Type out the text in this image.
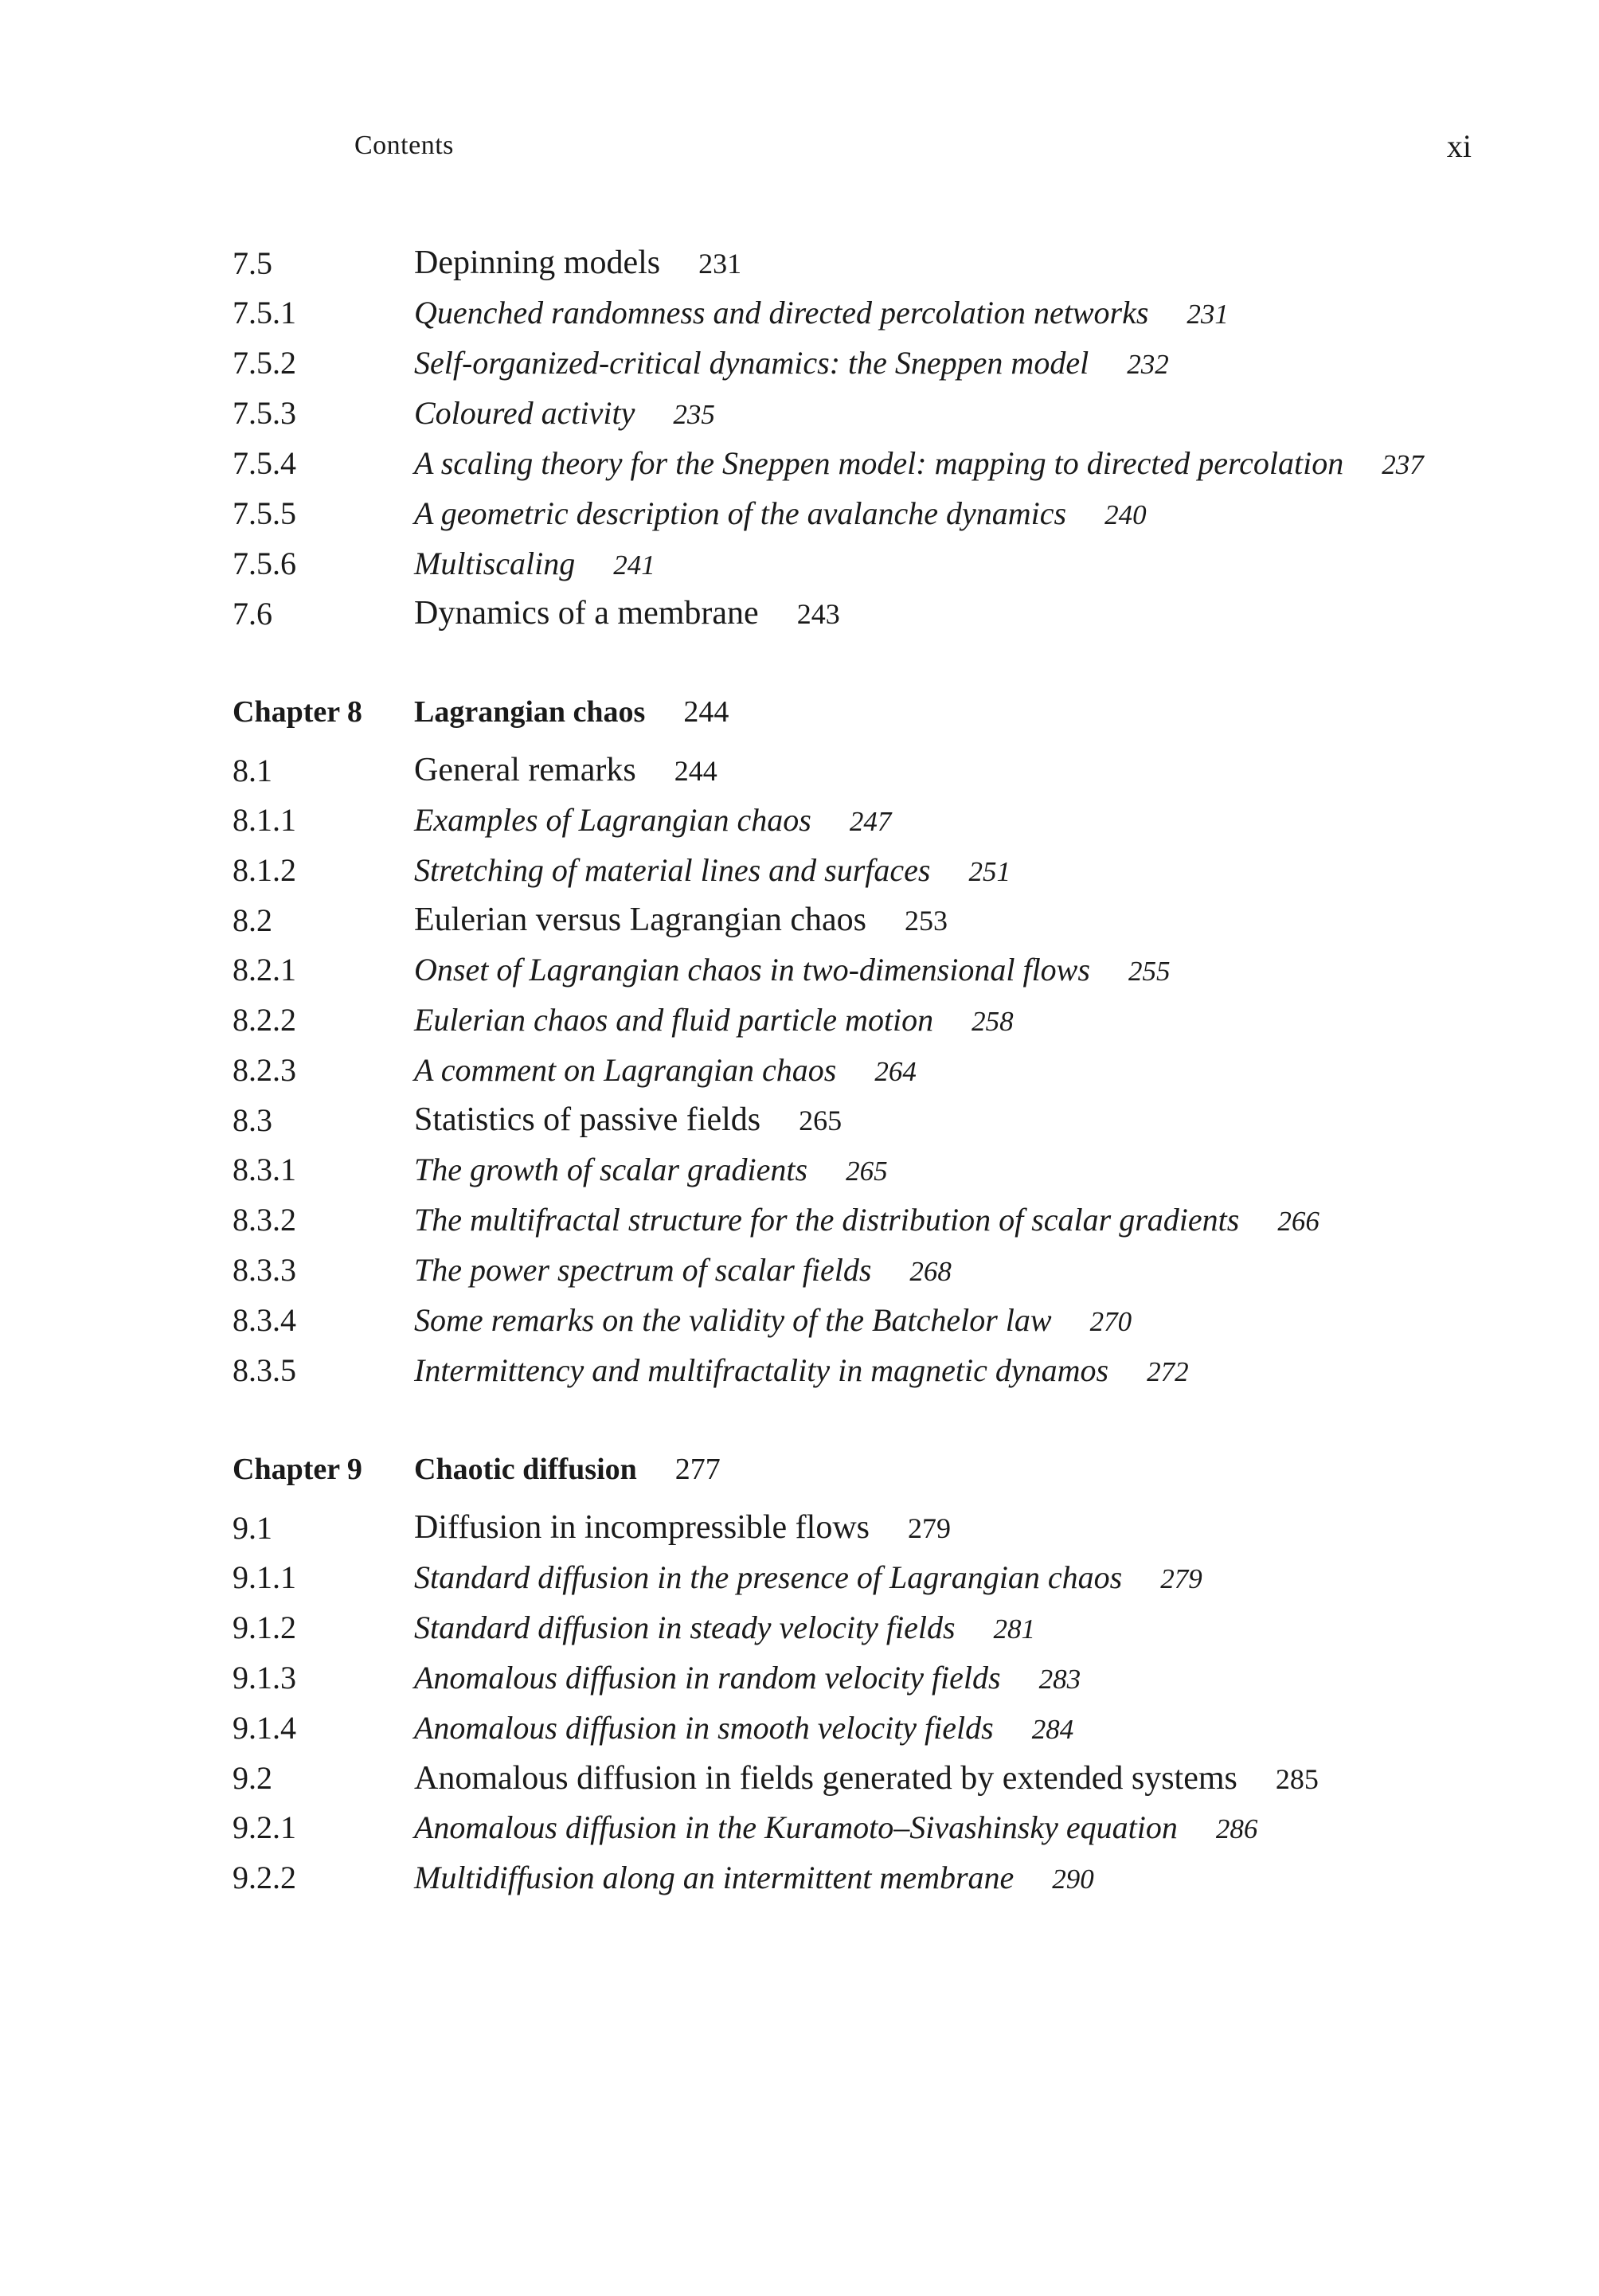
Contents	xi
7.5	Depinning models 231
7.5.1	Quenched randomness and directed percolation networks 231
7.5.2	Self-organized-critical dynamics: the Sneppen model 232
7.5.3	Coloured activity 235
7.5.4	A scaling theory for the Sneppen model: mapping to directed percolation 237
7.5.5	A geometric description of the avalanche dynamics 240
7.5.6	Multiscaling 241
7.6	Dynamics of a membrane 243
Chapter 8	Lagrangian chaos 244
8.1	General remarks 244
8.1.1	Examples of Lagrangian chaos 247
8.1.2	Stretching of material lines and surfaces 251
8.2	Eulerian versus Lagrangian chaos 253
8.2.1	Onset of Lagrangian chaos in two-dimensional flows 255
8.2.2	Eulerian chaos and fluid particle motion 258
8.2.3	A comment on Lagrangian chaos 264
8.3	Statistics of passive fields 265
8.3.1	The growth of scalar gradients 265
8.3.2	The multifractal structure for the distribution of scalar gradients 266
8.3.3	The power spectrum of scalar fields 268
8.3.4	Some remarks on the validity of the Batchelor law 270
8.3.5	Intermittency and multifractality in magnetic dynamos 272
Chapter 9	Chaotic diffusion 277
9.1	Diffusion in incompressible flows 279
9.1.1	Standard diffusion in the presence of Lagrangian chaos 279
9.1.2	Standard diffusion in steady velocity fields 281
9.1.3	Anomalous diffusion in random velocity fields 283
9.1.4	Anomalous diffusion in smooth velocity fields 284
9.2	Anomalous diffusion in fields generated by extended systems 285
9.2.1	Anomalous diffusion in the Kuramoto–Sivashinsky equation 286
9.2.2	Multidiffusion along an intermittent membrane 290
